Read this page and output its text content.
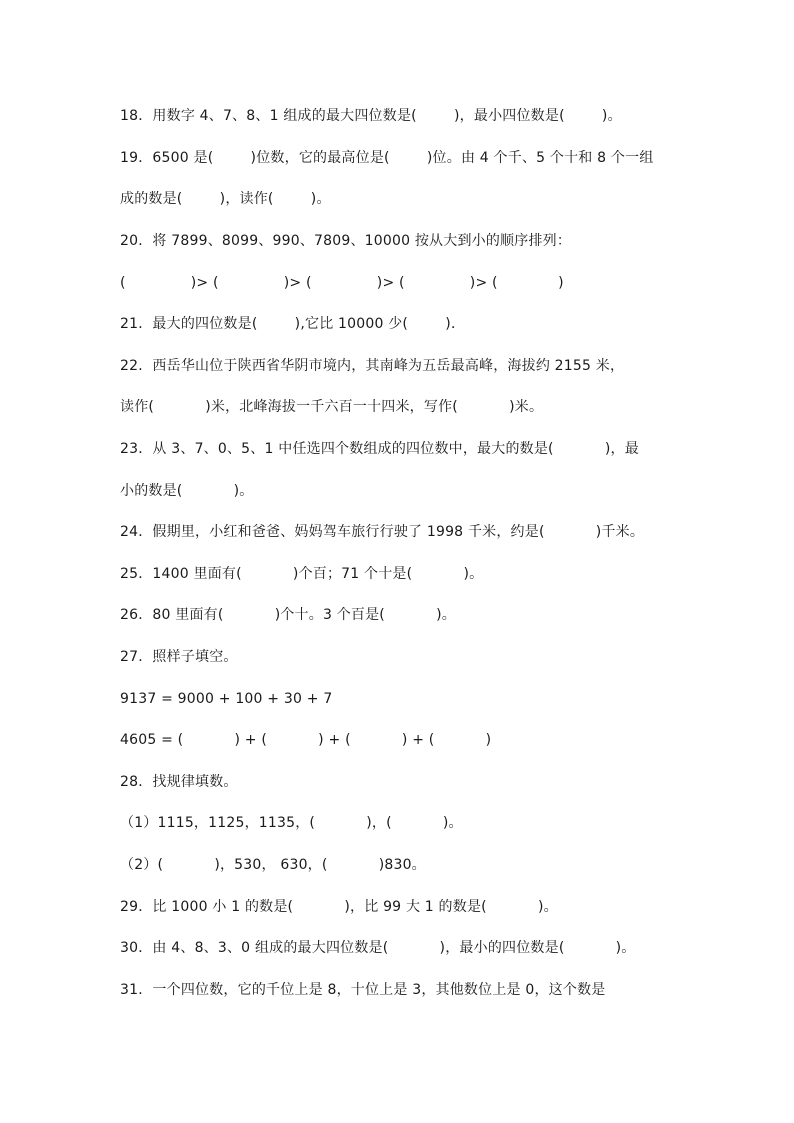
18．用数字 4、7、8、1 组成的最大四位数是(        )，最小四位数是(        )。
19．6500 是(        )位数，它的最高位是(        )位。由 4 个千、5 个十和 8 个一组
成的数是(        )，读作(        )。
20．将 7899、8099、990、7809、10000 按从大到小的顺序排列：
(              )> (              )> (              )> (              )> (             )
21．最大的四位数是(        ),它比 10000 少(        )．
22．西岳华山位于陕西省华阴市境内，其南峰为五岳最高峰，海拔约 2155 米，
读作(           )米，北峰海拔一千六百一十四米，写作(           )米。
23．从 3、7、0、5、1 中任选四个数组成的四位数中，最大的数是(           )，最
小的数是(           )。
24．假期里，小红和爸爸、妈妈驾车旅行行驶了 1998 千米，约是(           )千米。
25．1400 里面有(           )个百；71 个十是(           )。
26．80 里面有(           )个十。3 个百是(           )。
27．照样子填空。
9137 = 9000 + 100 + 30 + 7
4605 = (           ) + (           ) + (           ) + (           )
28．找规律填数。
（1）1115，1125，1135，(           )，(           )。
（2）(           )，530， 630，(           )830。
29．比 1000 小 1 的数是(           )，比 99 大 1 的数是(           )。
30．由 4、8、3、0 组成的最大四位数是(           )，最小的四位数是(           )。
31．一个四位数，它的千位上是 8，十位上是 3，其他数位上是 0，这个数是
